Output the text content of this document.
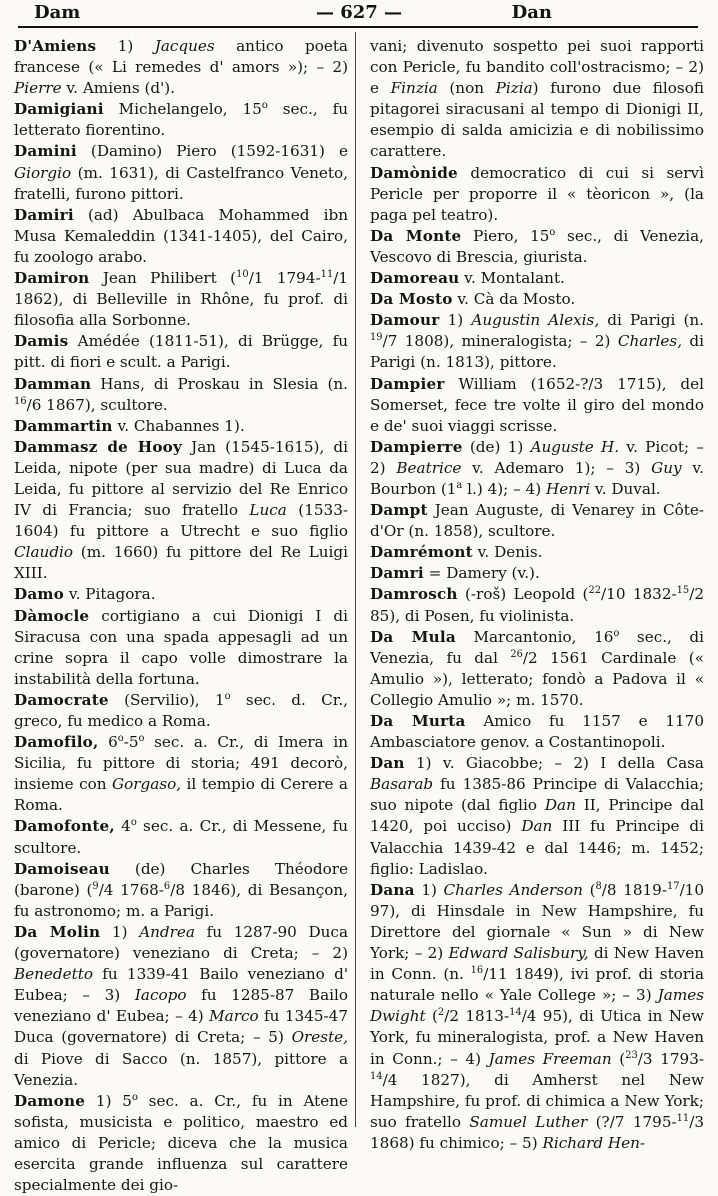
Dam	— 627 —	Dan

D'Amiens 1) Jacques antico poeta francese (« Li remedes d' amors »); – 2) Pierre v. Amiens (d').

Damigiani Michelangelo, 15$^o$ sec., fu letterato fiorentino.

Damini (Damino) Piero (1592-1631) e Giorgio (m. 1631), di Castelfranco Veneto, fratelli, furono pittori.

Damiri (ad) Abulbaca Mohammed ibn Musa Kemaleddin (1341-1405), del Cairo, fu zoologo arabo.

Damiron Jean Philibert ($^{10}$/1 1794-$^{11}$/1 1862), di Belleville in Rhône, fu prof. di filosofia alla Sorbonne.

Damis Amédée (1811-51), di Brügge, fu pitt. di fiori e scult. a Parigi.

Damman Hans, di Proskau in Slesia (n. $^{16}$/6 1867), scultore.

Dammartin v. Chabannes 1).

Dammasz de Hooy Jan (1545-1615), di Leida, nipote (per sua madre) di Luca da Leida, fu pittore al servizio del Re Enrico IV di Francia; suo fratello Luca (1533-1604) fu pittore a Utrecht e suo figlio Claudio (m. 1660) fu pittore del Re Luigi XIII.

Damo v. Pitagora.

Dàmocle cortigiano a cui Dionigi I di Siracusa con una spada appesagli ad un crine sopra il capo volle dimostrare la instabilità della fortuna.

Damocrate (Servilio), 1$^o$ sec. d. Cr., greco, fu medico a Roma.

Damofilo, 6$^o$-5$^o$ sec. a. Cr., di Imera in Sicilia, fu pittore di storia; 491 decorò, insieme con Gorgaso, il tempio di Cerere a Roma.

Damofonte, 4$^o$ sec. a. Cr., di Messene, fu scultore.

Damoiseau (de) Charles Théodore (barone) ($^9$/4 1768-$^6$/8 1846), di Besançon, fu astronomo; m. a Parigi.

Da Molin 1) Andrea fu 1287-90 Duca (governatore) veneziano di Creta; – 2) Benedetto fu 1339-41 Bailo veneziano d' Eubea; – 3) Iacopo fu 1285-87 Bailo veneziano d' Eubea; – 4) Marco fu 1345-47 Duca (governatore) di Creta; – 5) Oreste, di Piove di Sacco (n. 1857), pittore a Venezia.

Damone 1) 5$^o$ sec. a. Cr., fu in Atene sofista, musicista e politico, maestro ed amico di Pericle; diceva che la musica esercita grande influenza sul carattere specialmente dei gio-

vani; divenuto sospetto pei suoi rapporti con Pericle, fu bandito coll'ostracismo; – 2) e Finzia (non Pizia) furono due filosofi pitagorei siracusani al tempo di Dionigi II, esempio di salda amicizia e di nobilissimo carattere.

Damònide democratico di cui si servì Pericle per proporre il « tèoricon », (la paga pel teatro).

Da Monte Piero, 15$^o$ sec., di Venezia, Vescovo di Brescia, giurista.

Damoreau v. Montalant.

Da Mosto v. Cà da Mosto.

Damour 1) Augustin Alexis, di Parigi (n. $^{19}$/7 1808), mineralogista; – 2) Charles, di Parigi (n. 1813), pittore.

Dampier William (1652-?/3 1715), del Somerset, fece tre volte il giro del mondo e de' suoi viaggi scrisse.

Dampierre (de) 1) Auguste H. v. Picot; – 2) Beatrice v. Ademaro 1); – 3) Guy v. Bourbon (1$^a$ l.) 4); – 4) Henri v. Duval.

Dampt Jean Auguste, di Venarey in Côte-d'Or (n. 1858), scultore.

Damrémont v. Denis.

Damri = Damery (v.).

Damrosch (-roš) Leopold ($^{22}$/10 1832-$^{15}$/2 85), di Posen, fu violinista.

Da Mula Marcantonio, 16$^o$ sec., di Venezia, fu dal $^{26}$/2 1561 Cardinale (« Amulio »), letterato; fondò a Padova il « Collegio Amulio »; m. 1570.

Da Murta Amico fu 1157 e 1170 Ambasciatore genov. a Costantinopoli.

Dan 1) v. Giacobbe; – 2) I della Casa Basarab fu 1385-86 Principe di Valacchia; suo nipote (dal figlio Dan II, Principe dal 1420, poi ucciso) Dan III fu Principe di Valacchia 1439-42 e dal 1446; m. 1452; figlio: Ladislao.

Dana 1) Charles Anderson ($^8$/8 1819-$^{17}$/10 97), di Hinsdale in New Hampshire, fu Direttore del giornale « Sun » di New York; – 2) Edward Salisbury, di New Haven in Conn. (n. $^{16}$/11 1849), ivi prof. di storia naturale nello « Yale College »; – 3) James Dwight ($^2$/2 1813-$^{14}$/4 95), di Utica in New York, fu mineralogista, prof. a New Haven in Conn.; – 4) James Freeman ($^{23}$/3 1793-$^{14}$/4 1827), di Amherst nel New Hampshire, fu prof. di chimica a New York; suo fratello Samuel Luther (?/7 1795-$^{11}$/3 1868) fu chimico; – 5) Richard Hen-
